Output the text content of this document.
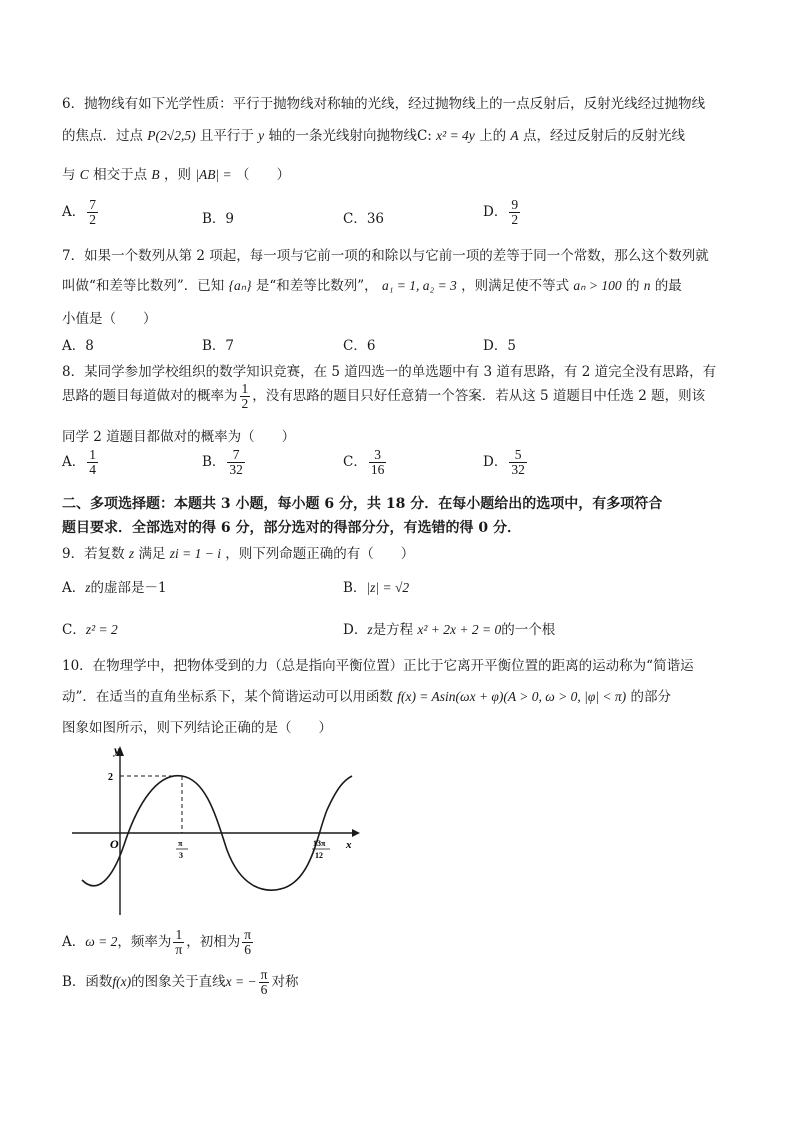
6．抛物线有如下光学性质：平行于抛物线对称轴的光线，经过抛物线上的一点反射后，反射光线经过抛物线
的焦点．过点 P(2√2,5) 且平行于 y 轴的一条光线射向抛物线C: x² = 4y 上的 A 点，经过反射后的反射光线
与 C 相交于点 B ，则 |AB| = （　　）
A． $\frac{7}{2}$	B．9	C．36	D． $\frac{9}{2}$
7．如果一个数列从第 2 项起，每一项与它前一项的和除以与它前一项的差等于同一个常数，那么这个数列就
叫做“和差等比数列”．已知 {aₙ} 是“和差等比数列”， a₁ = 1, a₂ = 3 ，则满足使不等式 aₙ > 100 的 n 的最
小值是（　　）
A．8	B．7	C．6	D．5
8．某同学参加学校组织的数学知识竞赛，在 5 道四选一的单选题中有 3 道有思路，有 2 道完全没有思路，有
思路的题目每道做对的概率为 $\frac{1}{2}$ ，没有思路的题目只好任意猜一个答案．若从这 5 道题目中任选 2 题，则该
同学 2 道题目都做对的概率为（　　）
A． $\frac{1}{4}$	B． $\frac{7}{32}$	C． $\frac{3}{16}$	D． $\frac{5}{32}$
二、多项选择题：本题共 3 小题，每小题 6 分，共 18 分．在每小题给出的选项中，有多项符合
题目要求．全部选对的得 6 分，部分选对的得部分分，有选错的得 0 分．
9．若复数 z 满足 zi = 1 − i ，则下列命题正确的有（　　）
A．z的虚部是－1	B．|z| = √2
C．z² = 2	D．z是方程 x² + 2x + 2 = 0的一个根
10．在物理学中，把物体受到的力（总是指向平衡位置）正比于它离开平衡位置的距离的运动称为“简谐运
动”．在适当的直角坐标系下，某个简谐运动可以用函数 f(x) = Asin(ωx + φ)(A > 0, ω > 0, |φ| < π) 的部分
图象如图所示，则下列结论正确的是（　　）
y
x
O
2
π
3
13π
12
A．ω = 2，频率为 $\frac{1}{\pi}$ ，初相为 $\frac{\pi}{6}$
B．函数f(x)的图象关于直线x = − $\frac{\pi}{6}$ 对称
